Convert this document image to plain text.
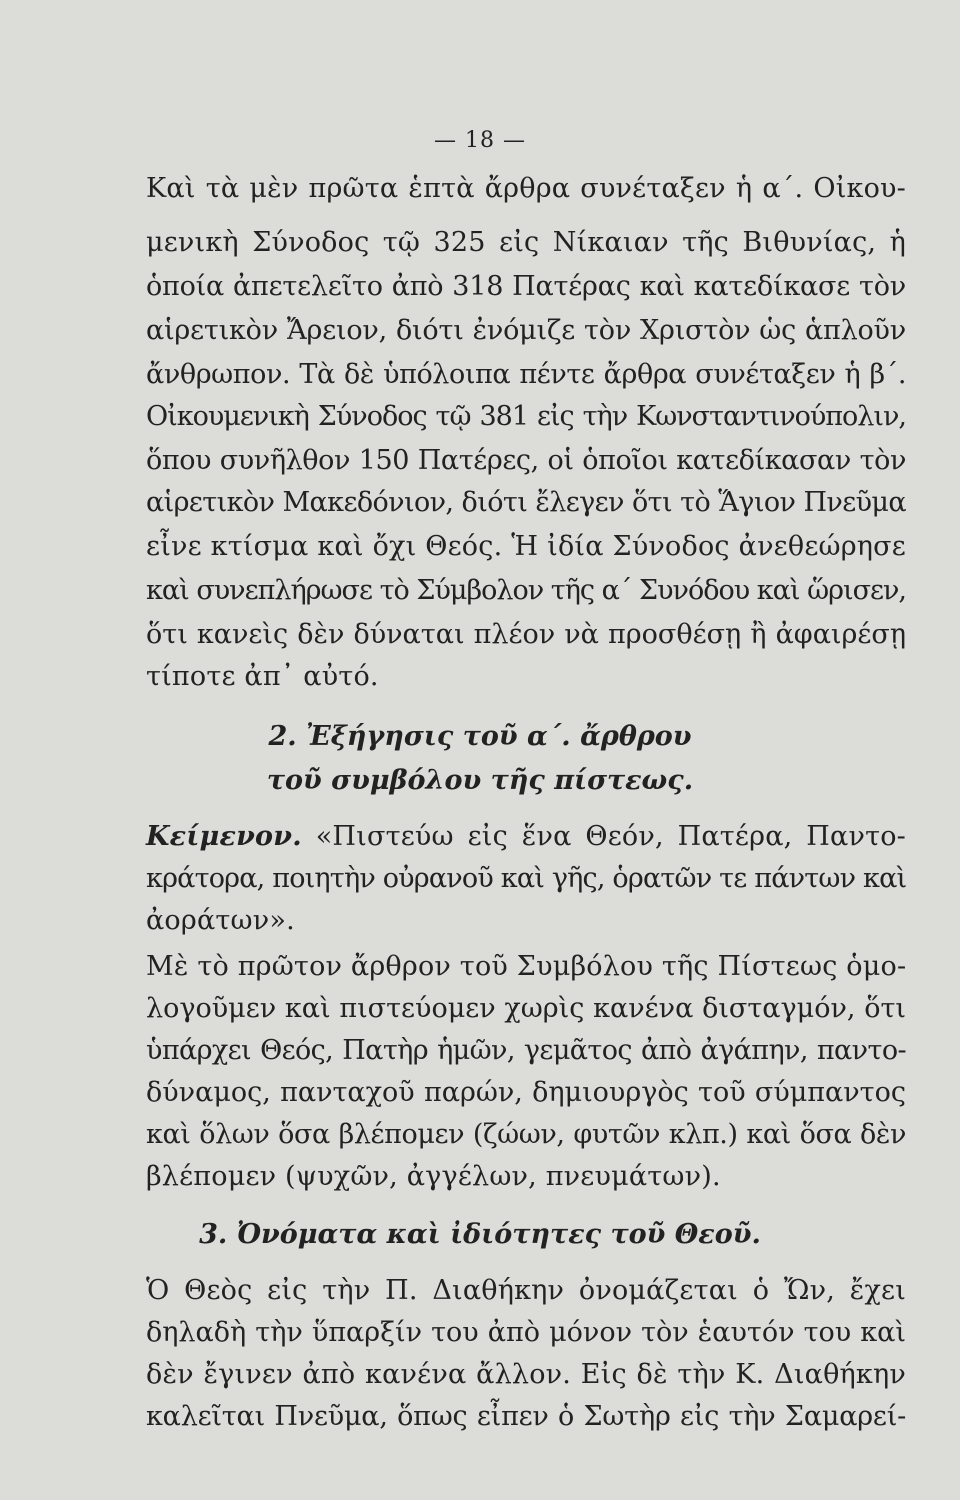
— 18 —
Καὶ τὰ μὲν πρῶτα ἑπτὰ ἄρθρα συνέταξεν ἡ α΄. Οἰκου-
μενικὴ Σύνοδος τῷ 325 εἰς Νίκαιαν τῆς Βιθυνίας, ἡ
ὁποία ἀπετελεῖτο ἀπὸ 318 Πατέρας καὶ κατεδίκασε τὸν
αἱρετικὸν Ἄρειον, διότι ἐνόμιζε τὸν Χριστὸν ὡς ἁπλοῦν
ἄνθρωπον. Τὰ δὲ ὑπόλοιπα πέντε ἄρθρα συνέταξεν ἡ β΄.
Οἰκουμενικὴ Σύνοδος τῷ 381 εἰς τὴν Κωνσταντινούπολιν,
ὅπου συνῆλθον 150 Πατέρες, οἱ ὁποῖοι κατεδίκασαν τὸν
αἱρετικὸν Μακεδόνιον, διότι ἔλεγεν ὅτι τὸ Ἅγιον Πνεῦμα
εἶνε κτίσμα καὶ ὄχι Θεός. Ἡ ἰδία Σύνοδος ἀνεθεώρησε
καὶ συνεπλήρωσε τὸ Σύμβολον τῆς α΄ Συνόδου καὶ ὥρισεν,
ὅτι κανεὶς δὲν δύναται πλέον νὰ προσθέσῃ ἢ ἀφαιρέσῃ
τίποτε ἀπ᾽ αὐτό.
2. Ἐξήγησις τοῦ α΄. ἄρθρου
τοῦ συμβόλου τῆς πίστεως.
Κείμενον. «Πιστεύω εἰς ἕνα Θεόν, Πατέρα, Παντο-
κράτορα, ποιητὴν οὐρανοῦ καὶ γῆς, ὁρατῶν τε πάντων καὶ
ἀοράτων».
Μὲ τὸ πρῶτον ἄρθρον τοῦ Συμβόλου τῆς Πίστεως ὁμο-
λογοῦμεν καὶ πιστεύομεν χωρὶς κανένα δισταγμόν, ὅτι
ὑπάρχει Θεός, Πατὴρ ἡμῶν, γεμᾶτος ἀπὸ ἀγάπην, παντο-
δύναμος, πανταχοῦ παρών, δημιουργὸς τοῦ σύμπαντος
καὶ ὅλων ὅσα βλέπομεν (ζώων, φυτῶν κλπ.) καὶ ὅσα δὲν
βλέπομεν (ψυχῶν, ἀγγέλων, πνευμάτων).
3. Ὀνόματα καὶ ἰδιότητες τοῦ Θεοῦ.
Ὁ Θεὸς εἰς τὴν Π. Διαθήκην ὀνομάζεται ὁ Ὤν, ἔχει
δηλαδὴ τὴν ὕπαρξίν του ἀπὸ μόνον τὸν ἑαυτόν του καὶ
δὲν ἔγινεν ἀπὸ κανένα ἄλλον. Εἰς δὲ τὴν Κ. Διαθήκην
καλεῖται Πνεῦμα, ὅπως εἶπεν ὁ Σωτὴρ εἰς τὴν Σαμαρεί-
